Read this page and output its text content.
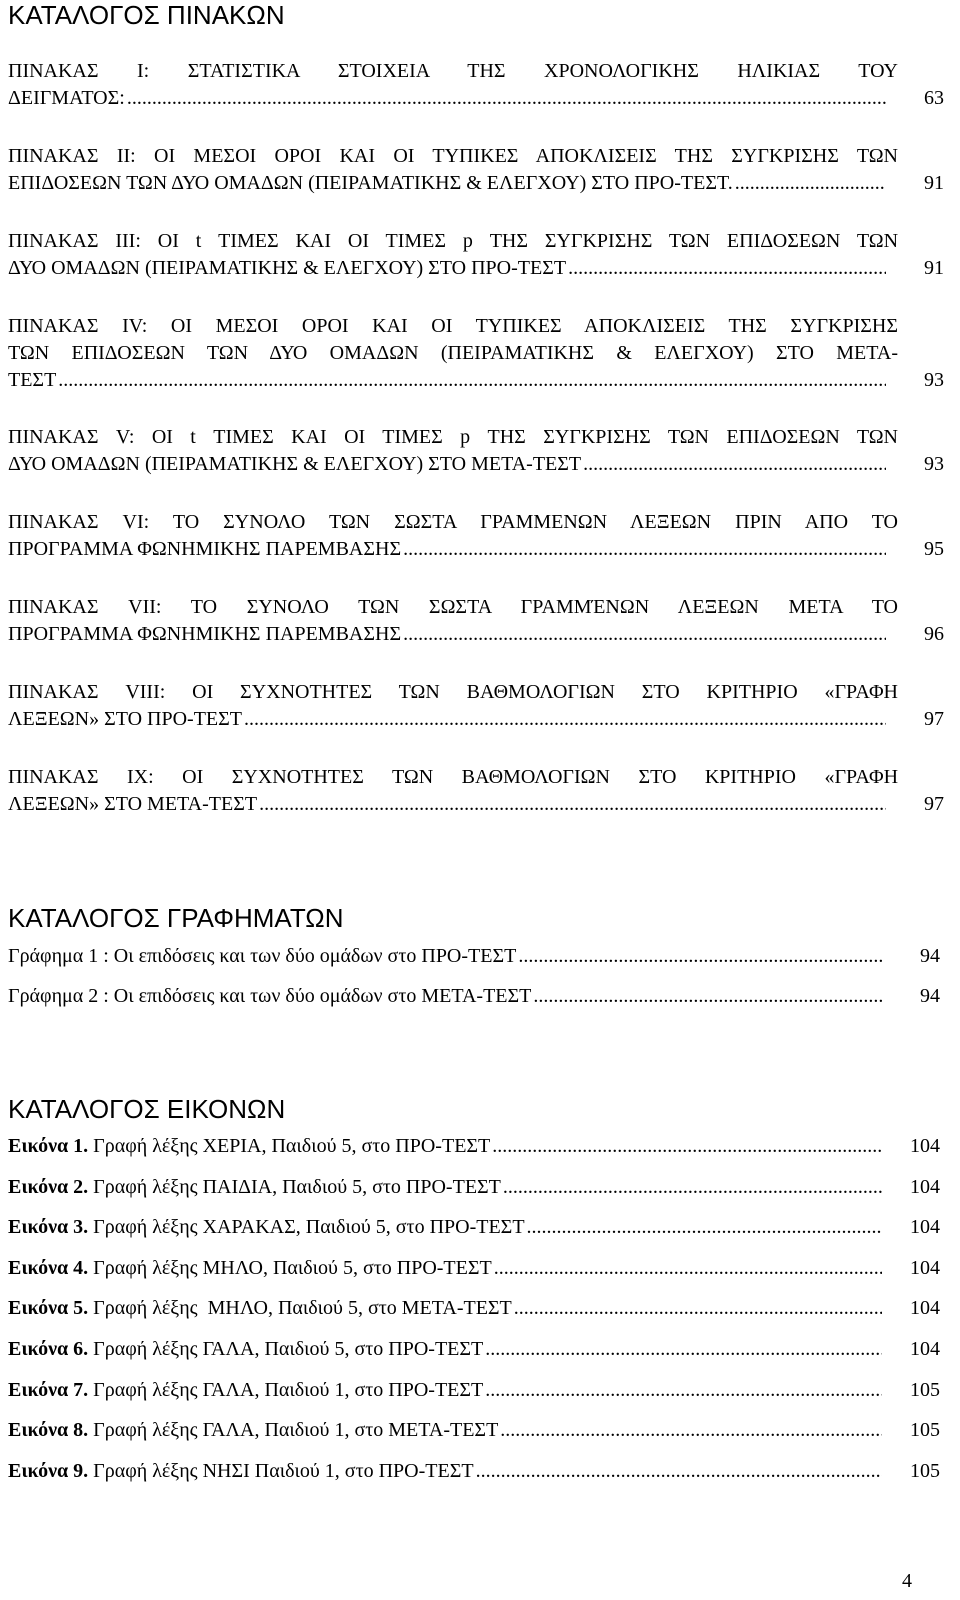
ΚΑΤΑΛΟΓΟΣ ΠΙΝΑΚΩΝ
ΠΙΝΑΚΑΣ Ι: ΣΤΑΤΙΣΤΙΚΑ ΣΤΟΙΧΕΙΑ ΤΗΣ ΧΡΟΝΟΛΟΓΙΚΗΣ ΗΛΙΚΙΑΣ ΤΟΥ
ΔΕΙΓΜΑΤΟΣ: .....	63
ΠΙΝΑΚΑΣ ΙΙ: ΟΙ ΜΕΣΟΙ ΟΡΟΙ ΚΑΙ ΟΙ ΤΥΠΙΚΕΣ ΑΠΟΚΛΙΣΕΙΣ ΤΗΣ ΣΥΓΚΡΙΣΗΣ ΤΩΝ
ΕΠΙΔΟΣΕΩΝ ΤΩΝ ΔΥΟ ΟΜΑΔΩΝ (ΠΕΙΡΑΜΑΤΙΚΗΣ & ΕΛΕΓΧΟΥ) ΣΤΟ ΠΡΟ-ΤΕΣΤ. .....	91
ΠΙΝΑΚΑΣ ΙΙΙ: ΟΙ t ΤΙΜΕΣ ΚΑΙ ΟΙ ΤΙΜΕΣ p ΤΗΣ ΣΥΓΚΡΙΣΗΣ ΤΩΝ ΕΠΙΔΟΣΕΩΝ ΤΩΝ
ΔΥΟ ΟΜΑΔΩΝ (ΠΕΙΡΑΜΑΤΙΚΗΣ & ΕΛΕΓΧΟΥ) ΣΤΟ ΠΡΟ-ΤΕΣΤ .....	91
ΠΙΝΑΚΑΣ ΙV: ΟΙ ΜΕΣΟΙ ΟΡΟΙ ΚΑΙ ΟΙ ΤΥΠΙΚΕΣ ΑΠΟΚΛΙΣΕΙΣ ΤΗΣ ΣΥΓΚΡΙΣΗΣ
ΤΩΝ ΕΠΙΔΟΣΕΩΝ ΤΩΝ ΔΥΟ ΟΜΑΔΩΝ (ΠΕΙΡΑΜΑΤΙΚΗΣ & ΕΛΕΓΧΟΥ) ΣΤΟ ΜΕΤΑ-
ΤΕΣΤ .....	93
ΠΙΝΑΚΑΣ V: ΟΙ t ΤΙΜΕΣ ΚΑΙ ΟΙ ΤΙΜΕΣ p ΤΗΣ ΣΥΓΚΡΙΣΗΣ ΤΩΝ ΕΠΙΔΟΣΕΩΝ ΤΩΝ
ΔΥΟ ΟΜΑΔΩΝ (ΠΕΙΡΑΜΑΤΙΚΗΣ & ΕΛΕΓΧΟΥ) ΣΤΟ ΜΕΤΑ-ΤΕΣΤ .....	93
ΠΙΝΑΚΑΣ VΙ: ΤΟ ΣΥΝΟΛΟ ΤΩΝ ΣΩΣΤΑ ΓΡΑΜΜΕΝΩΝ ΛΕΞΕΩΝ ΠΡΙΝ ΑΠΟ ΤΟ
ΠΡΟΓΡΑΜΜΑ ΦΩΝΗΜΙΚΗΣ ΠΑΡΕΜΒΑΣΗΣ .....	95
ΠΙΝΑΚΑΣ VΙΙ: ΤΟ ΣΥΝΟΛΟ ΤΩΝ ΣΩΣΤΑ ΓΡΑΜΜΈΝΩΝ ΛΕΞΕΩΝ ΜΕΤΑ ΤΟ
ΠΡΟΓΡΑΜΜΑ ΦΩΝΗΜΙΚΗΣ ΠΑΡΕΜΒΑΣΗΣ .....	96
ΠΙΝΑΚΑΣ VΙΙΙ: ΟΙ ΣΥΧΝΟΤΗΤΕΣ ΤΩΝ ΒΑΘΜΟΛΟΓΙΩΝ ΣΤΟ ΚΡΙΤΗΡΙΟ «ΓΡΑΦΗ
ΛΕΞΕΩΝ» ΣΤΟ ΠΡΟ-ΤΕΣΤ .....	97
ΠΙΝΑΚΑΣ ΙΧ: ΟΙ ΣΥΧΝΟΤΗΤΕΣ ΤΩΝ ΒΑΘΜΟΛΟΓΙΩΝ ΣΤΟ ΚΡΙΤΗΡΙΟ «ΓΡΑΦΗ
ΛΕΞΕΩΝ» ΣΤΟ ΜΕΤΑ-ΤΕΣΤ .....	97
ΚΑΤΑΛΟΓΟΣ ΓΡΑΦΗΜΑΤΩΝ
Γράφημα 1 : Οι επιδόσεις και των δύο ομάδων στο ΠΡΟ-ΤΕΣΤ .....	94
Γράφημα 2 : Οι επιδόσεις και των δύο ομάδων στο ΜΕΤΑ-ΤΕΣΤ .....	94
ΚΑΤΑΛΟΓΟΣ ΕΙΚΟΝΩΝ
Εικόνα 1. Γραφή λέξης ΧΕΡΙΑ, Παιδιού 5, στο ΠΡΟ-ΤΕΣΤ .....	104
Εικόνα 2. Γραφή λέξης ΠΑΙΔΙΑ, Παιδιού 5, στο ΠΡΟ-ΤΕΣΤ .....	104
Εικόνα 3. Γραφή λέξης ΧΑΡΑΚΑΣ, Παιδιού 5, στο ΠΡΟ-ΤΕΣΤ .....	104
Εικόνα 4. Γραφή λέξης ΜΗΛΟ, Παιδιού 5, στο ΠΡΟ-ΤΕΣΤ .....	104
Εικόνα 5. Γραφή λέξης  ΜΗΛΟ, Παιδιού 5, στο ΜΕΤΑ-ΤΕΣΤ .....	104
Εικόνα 6. Γραφή λέξης ΓΑΛΑ, Παιδιού 5, στο ΠΡΟ-ΤΕΣΤ .....	104
Εικόνα 7. Γραφή λέξης ΓΑΛΑ, Παιδιού 1, στο ΠΡΟ-ΤΕΣΤ .....	105
Εικόνα 8. Γραφή λέξης ΓΑΛΑ, Παιδιού 1, στο ΜΕΤΑ-ΤΕΣΤ .....	105
Εικόνα 9. Γραφή λέξης ΝΗΣΙ Παιδιού 1, στο ΠΡΟ-ΤΕΣΤ .....	105
4
